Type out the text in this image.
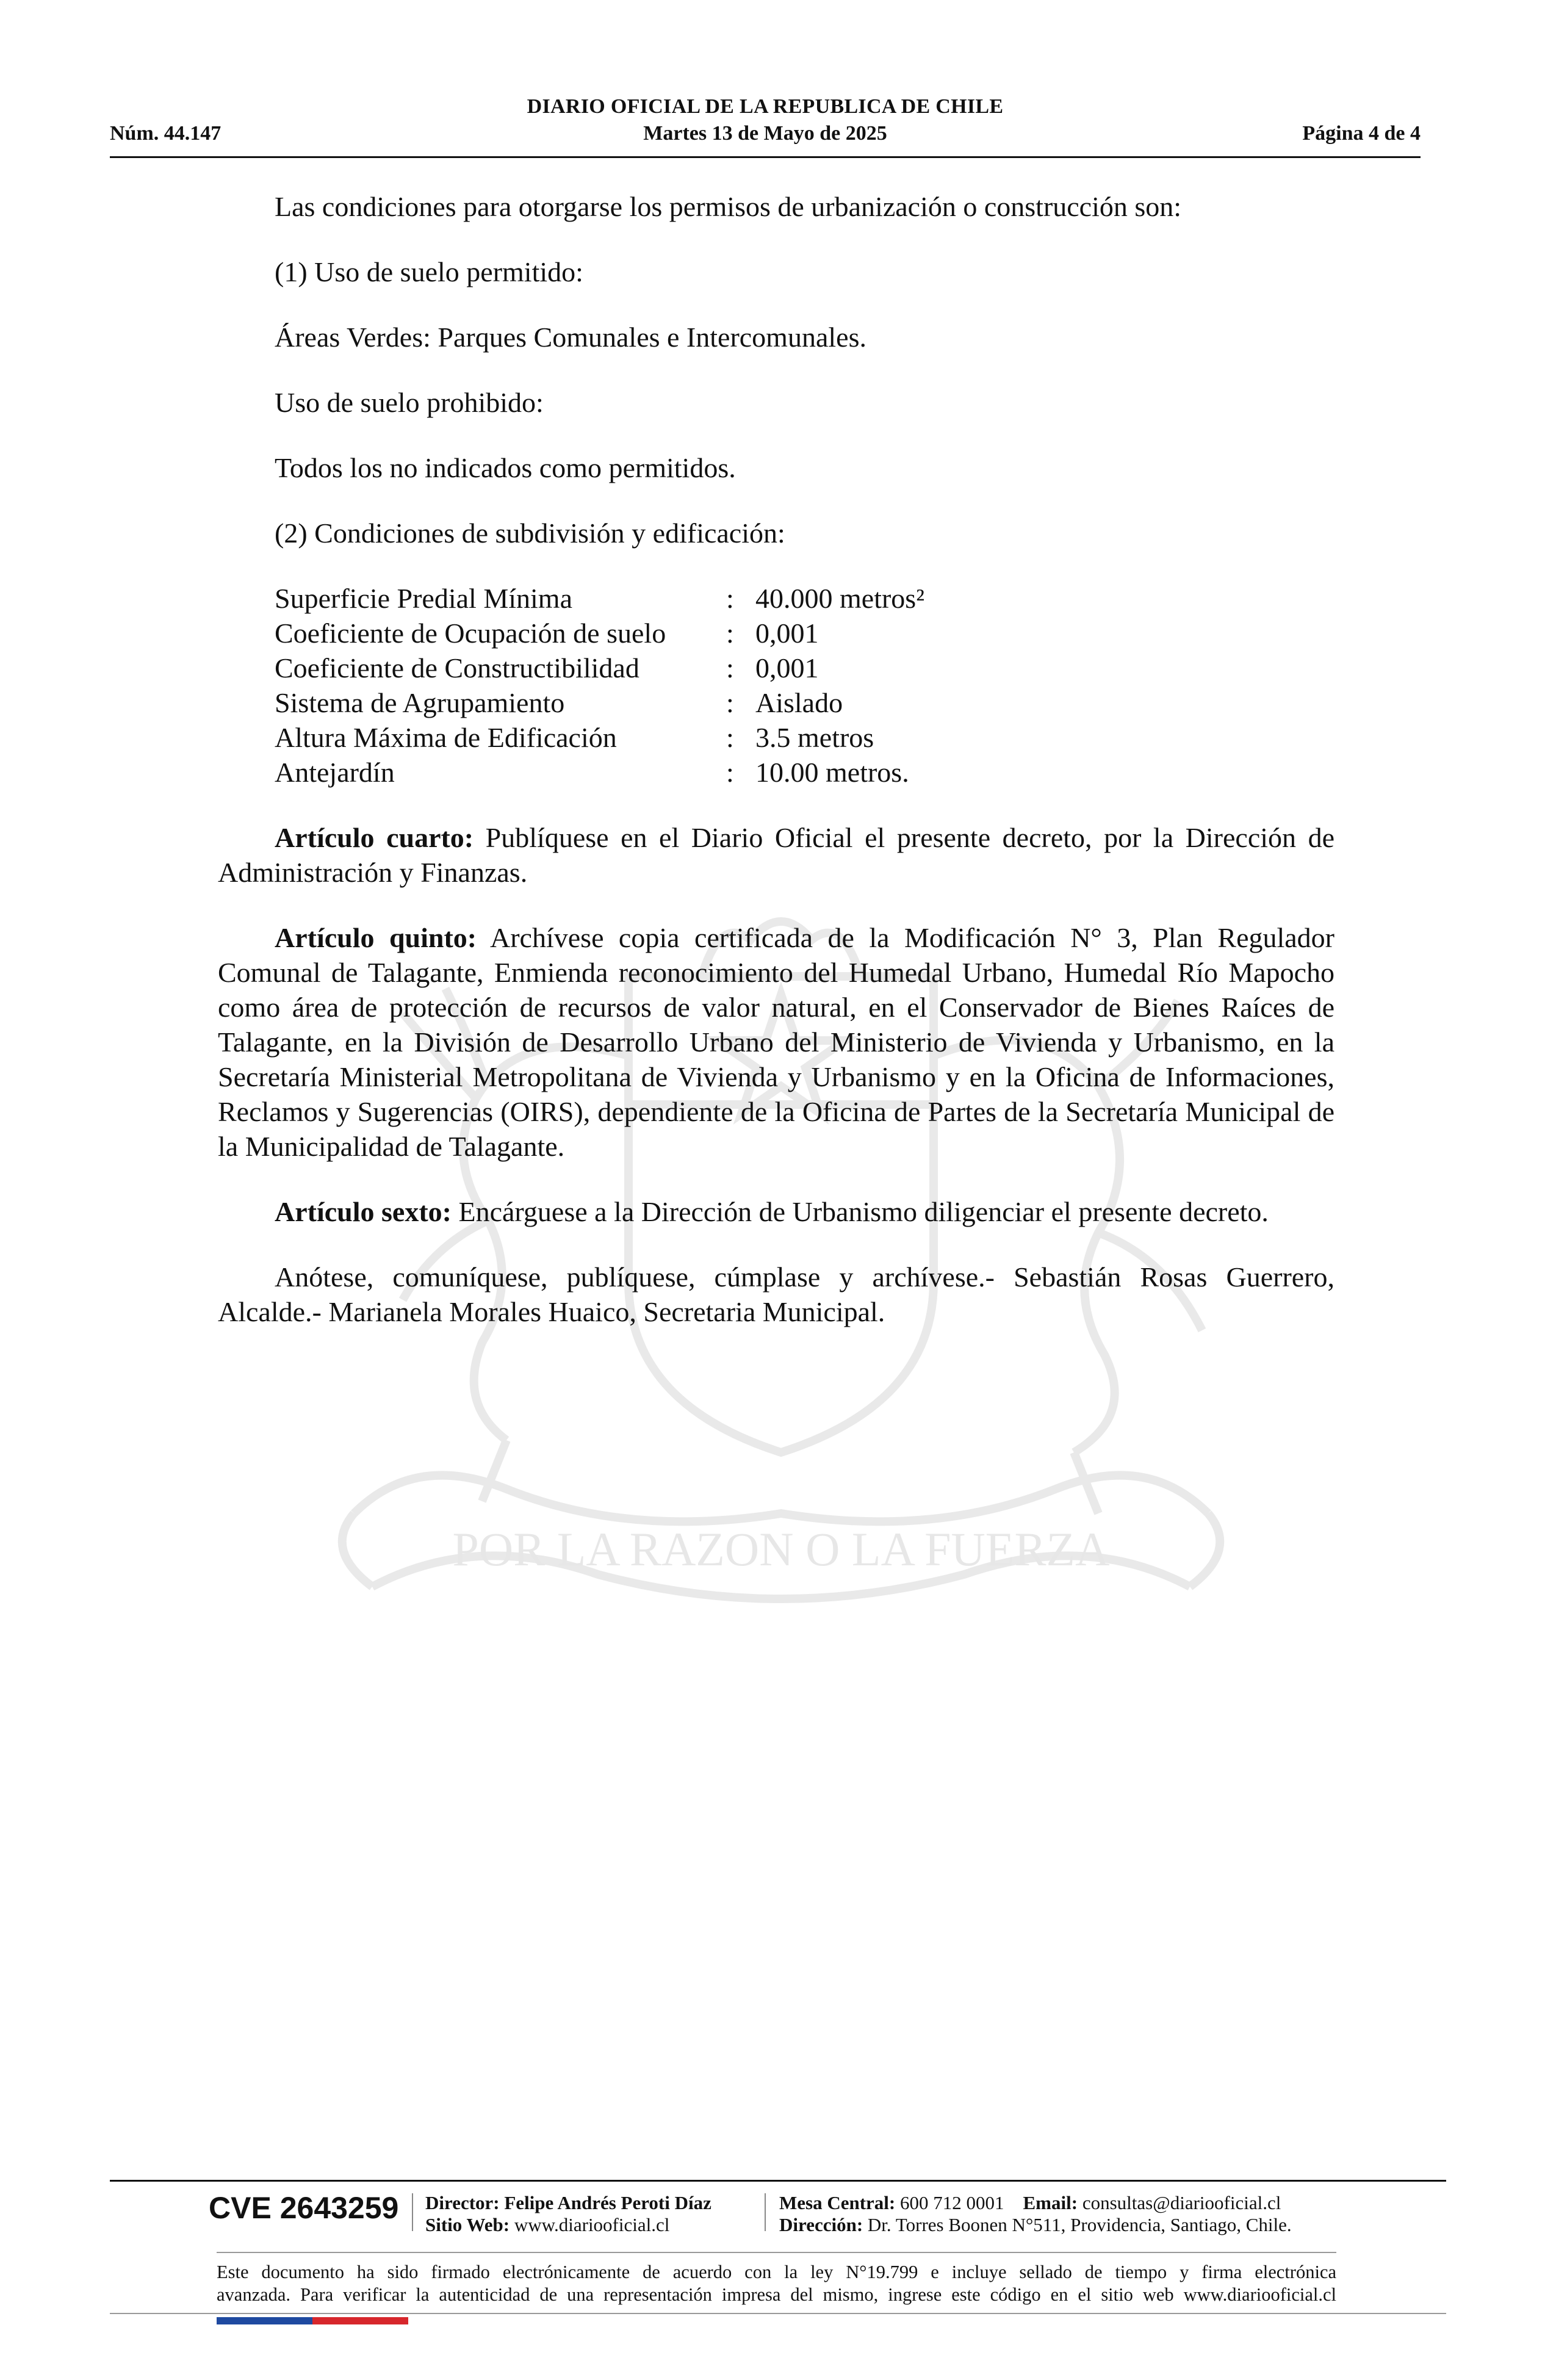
DIARIO OFICIAL DE LA REPUBLICA DE CHILE
Núm. 44.147	Martes 13 de Mayo de 2025	Página 4 de 4
POR LA RAZON O LA FUERZA

Las condiciones para otorgarse los permisos de urbanización o construcción son:

(1) Uso de suelo permitido:

Áreas Verdes: Parques Comunales e Intercomunales.

Uso de suelo prohibido:

Todos los no indicados como permitidos.

(2) Condiciones de subdivisión y edificación:

Superficie Predial Mínima	:	40.000 metros²
Coeficiente de Ocupación de suelo	:	0,001
Coeficiente de Constructibilidad	:	0,001
Sistema de Agrupamiento	:	Aislado
Altura Máxima de Edificación	:	3.5 metros
Antejardín	:	10.00 metros.

Artículo cuarto: Publíquese en el Diario Oficial el presente decreto, por la Dirección de Administración y Finanzas.

Artículo quinto: Archívese copia certificada de la Modificación N° 3, Plan Regulador Comunal de Talagante, Enmienda reconocimiento del Humedal Urbano, Humedal Río Mapocho como área de protección de recursos de valor natural, en el Conservador de Bienes Raíces de Talagante, en la División de Desarrollo Urbano del Ministerio de Vivienda y Urbanismo, en la Secretaría Ministerial Metropolitana de Vivienda y Urbanismo y en la Oficina de Informaciones, Reclamos y Sugerencias (OIRS), dependiente de la Oficina de Partes de la Secretaría Municipal de la Municipalidad de Talagante.

Artículo sexto: Encárguese a la Dirección de Urbanismo diligenciar el presente decreto.

Anótese, comuníquese, publíquese, cúmplase y archívese.- Sebastián Rosas Guerrero, Alcalde.- Marianela Morales Huaico, Secretaria Municipal.

CVE 2643259 Director: Felipe Andrés Peroti Díaz
Sitio Web: www.diariooficial.cl
Mesa Central: 600 712 0001 Email: consultas@diariooficial.cl
Dirección: Dr. Torres Boonen N°511, Providencia, Santiago, Chile.
Este documento ha sido firmado electrónicamente de acuerdo con la ley N°19.799 e incluye sellado de tiempo y firma electrónica
avanzada. Para verificar la autenticidad de una representación impresa del mismo, ingrese este código en el sitio web www.diariooficial.cl
